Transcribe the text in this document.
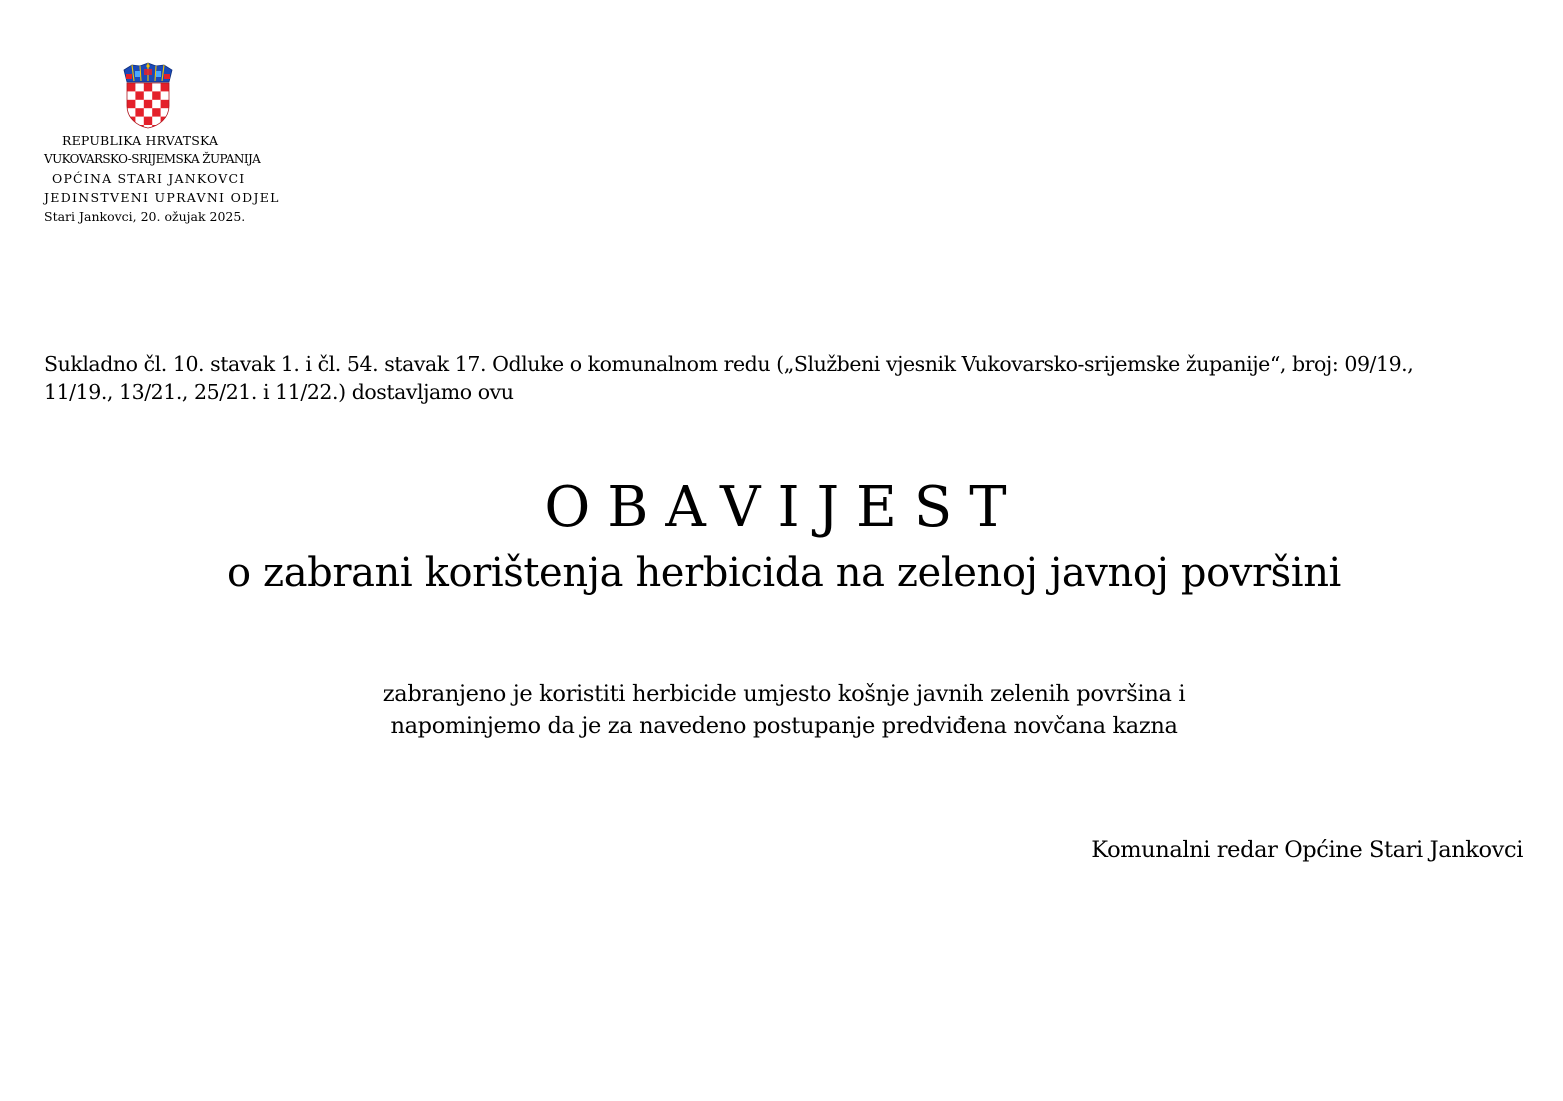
REPUBLIKA HRVATSKA
VUKOVARSKO-SRIJEMSKA ŽUPANIJA
OPĆINA STARI JANKOVCI
JEDINSTVENI UPRAVNI ODJEL
Stari Jankovci, 20. ožujak 2025.
Sukladno čl. 10. stavak 1. i čl. 54. stavak 17. Odluke o komunalnom redu („Službeni vjesnik Vukovarsko-srijemske županije“, broj: 09/19.,
11/19., 13/21., 25/21. i 11/22.) dostavljamo ovu
OBAVIJEST
o zabrani korištenja herbicida na zelenoj javnoj površini
zabranjeno je koristiti herbicide umjesto košnje javnih zelenih površina i
napominjemo da je za navedeno postupanje predviđena novčana kazna
Komunalni redar Općine Stari Jankovci
